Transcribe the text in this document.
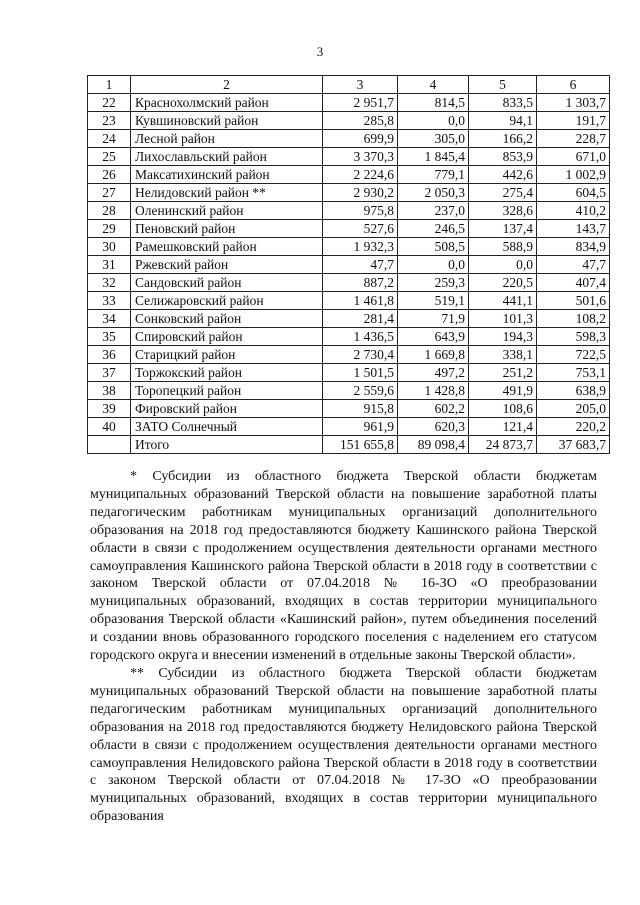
3
1	2	3	4	5	6
22	Краснохолмский район	2 951,7	814,5	833,5	1 303,7
23	Кувшиновский район	285,8	0,0	94,1	191,7
24	Лесной район	699,9	305,0	166,2	228,7
25	Лихославльский район	3 370,3	1 845,4	853,9	671,0
26	Максатихинский район	2 224,6	779,1	442,6	1 002,9
27	Нелидовский район **	2 930,2	2 050,3	275,4	604,5
28	Оленинский район	975,8	237,0	328,6	410,2
29	Пеновский район	527,6	246,5	137,4	143,7
30	Рамешковский район	1 932,3	508,5	588,9	834,9
31	Ржевский район	47,7	0,0	0,0	47,7
32	Сандовский район	887,2	259,3	220,5	407,4
33	Селижаровский район	1 461,8	519,1	441,1	501,6
34	Сонковский район	281,4	71,9	101,3	108,2
35	Спировский район	1 436,5	643,9	194,3	598,3
36	Старицкий район	2 730,4	1 669,8	338,1	722,5
37	Торжокский район	1 501,5	497,2	251,2	753,1
38	Торопецкий район	2 559,6	1 428,8	491,9	638,9
39	Фировский район	915,8	602,2	108,6	205,0
40	ЗАТО Солнечный	961,9	620,3	121,4	220,2
	Итого	151 655,8	89 098,4	24 873,7	37 683,7

* Субсидии из областного бюджета Тверской области бюджетам муниципальных образований Тверской области на повышение заработной платы педагогическим работникам муниципальных организаций дополнительного образования на 2018 год предоставляются бюджету Кашинского района Тверской области в связи с продолжением осуществления деятельности органами местного самоуправления Кашинского района Тверской области в 2018 году в соответствии с законом Тверской области от 07.04.2018 № 16-ЗО «О преобразовании муниципальных образований, входящих в состав территории муниципального образования Тверской области «Кашинский район», путем объединения поселений и создании вновь образованного городского поселения с наделением его статусом городского округа и внесении изменений в отдельные законы Тверской области».

** Субсидии из областного бюджета Тверской области бюджетам муниципальных образований Тверской области на повышение заработной платы педагогическим работникам муниципальных организаций дополнительного образования на 2018 год предоставляются бюджету Нелидовского района Тверской области в связи с продолжением осуществления деятельности органами местного самоуправления Нелидовского района Тверской области в 2018 году в соответствии с законом Тверской области от 07.04.2018 № 17-ЗО «О преобразовании муниципальных образований, входящих в состав территории муниципального образования
